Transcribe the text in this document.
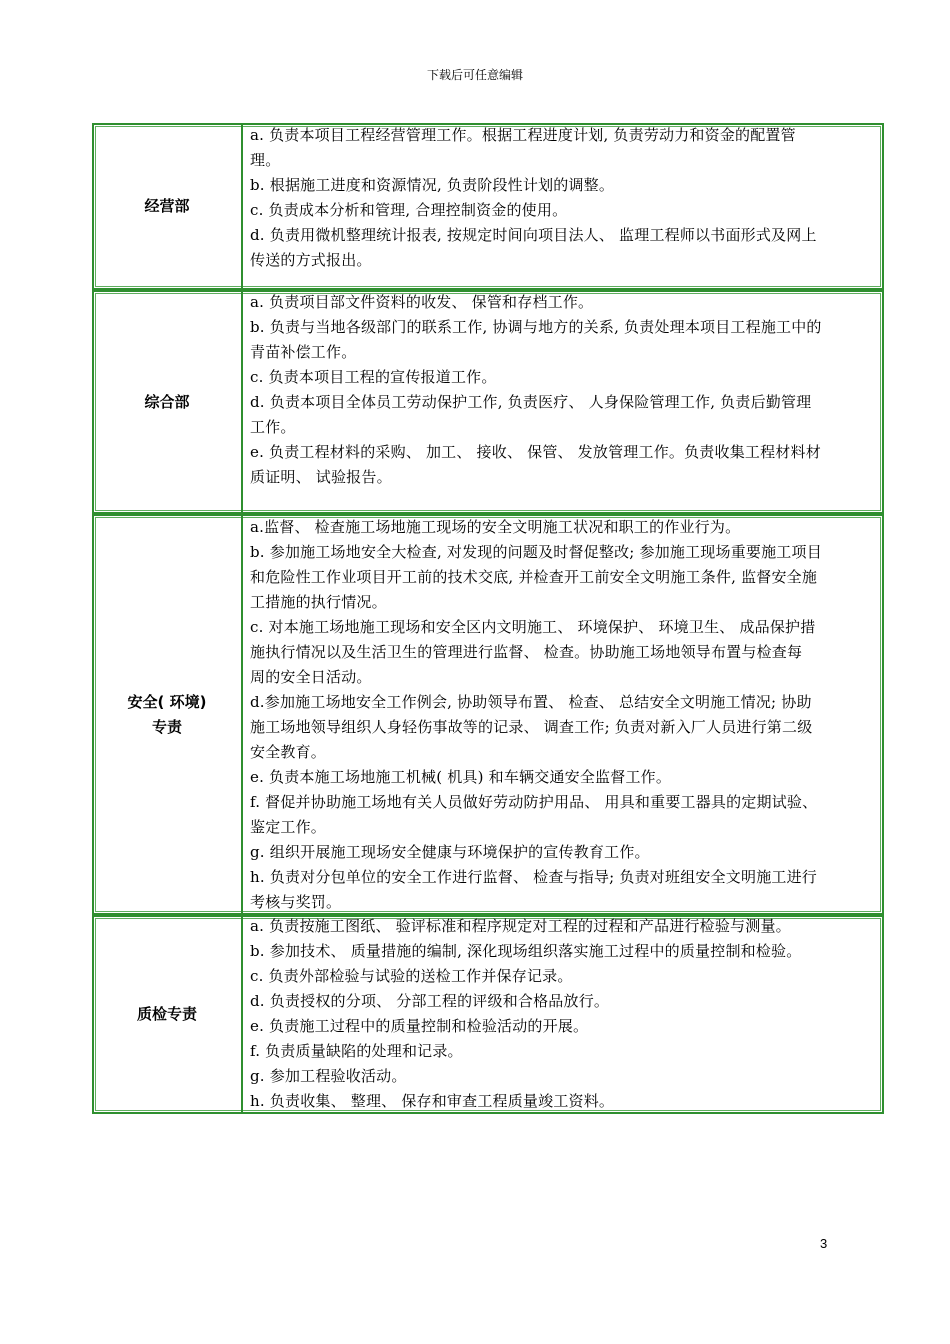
下载后可任意编辑
经营部
a. 负责本项目工程经营管理工作。根据工程进度计划, 负责劳动力和资金的配置管
理。
b. 根据施工进度和资源情况, 负责阶段性计划的调整。
c. 负责成本分析和管理, 合理控制资金的使用。
d. 负责用微机整理统计报表, 按规定时间向项目法人、 监理工程师以书面形式及网上
传送的方式报出。
综合部
a. 负责项目部文件资料的收发、 保管和存档工作。
b. 负责与当地各级部门的联系工作, 协调与地方的关系, 负责处理本项目工程施工中的
青苗补偿工作。
c. 负责本项目工程的宣传报道工作。
d. 负责本项目全体员工劳动保护工作, 负责医疗、 人身保险管理工作, 负责后勤管理
工作。
e. 负责工程材料的采购、 加工、 接收、 保管、 发放管理工作。负责收集工程材料材
质证明、 试验报告。
安全( 环境)
专责
a.监督、 检查施工场地施工现场的安全文明施工状况和职工的作业行为。
b. 参加施工场地安全大检查, 对发现的问题及时督促整改; 参加施工现场重要施工项目
和危险性工作业项目开工前的技术交底, 并检查开工前安全文明施工条件, 监督安全施
工措施的执行情况。
c. 对本施工场地施工现场和安全区内文明施工、 环境保护、 环境卫生、 成品保护措
施执行情况以及生活卫生的管理进行监督、 检查。协助施工场地领导布置与检查每
周的安全日活动。
d.参加施工场地安全工作例会, 协助领导布置、 检查、 总结安全文明施工情况; 协助
施工场地领导组织人身轻伤事故等的记录、 调查工作; 负责对新入厂人员进行第二级
安全教育。
e. 负责本施工场地施工机械( 机具) 和车辆交通安全监督工作。
f. 督促并协助施工场地有关人员做好劳动防护用品、 用具和重要工器具的定期试验、
鉴定工作。
g. 组织开展施工现场安全健康与环境保护的宣传教育工作。
h. 负责对分包单位的安全工作进行监督、 检查与指导; 负责对班组安全文明施工进行
考核与奖罚。
质检专责
a. 负责按施工图纸、 验评标准和程序规定对工程的过程和产品进行检验与测量。
b. 参加技术、 质量措施的编制, 深化现场组织落实施工过程中的质量控制和检验。
c. 负责外部检验与试验的送检工作并保存记录。
d. 负责授权的分项、 分部工程的评级和合格品放行。
e. 负责施工过程中的质量控制和检验活动的开展。
f. 负责质量缺陷的处理和记录。
g. 参加工程验收活动。
h. 负责收集、 整理、 保存和审查工程质量竣工资料。
3
